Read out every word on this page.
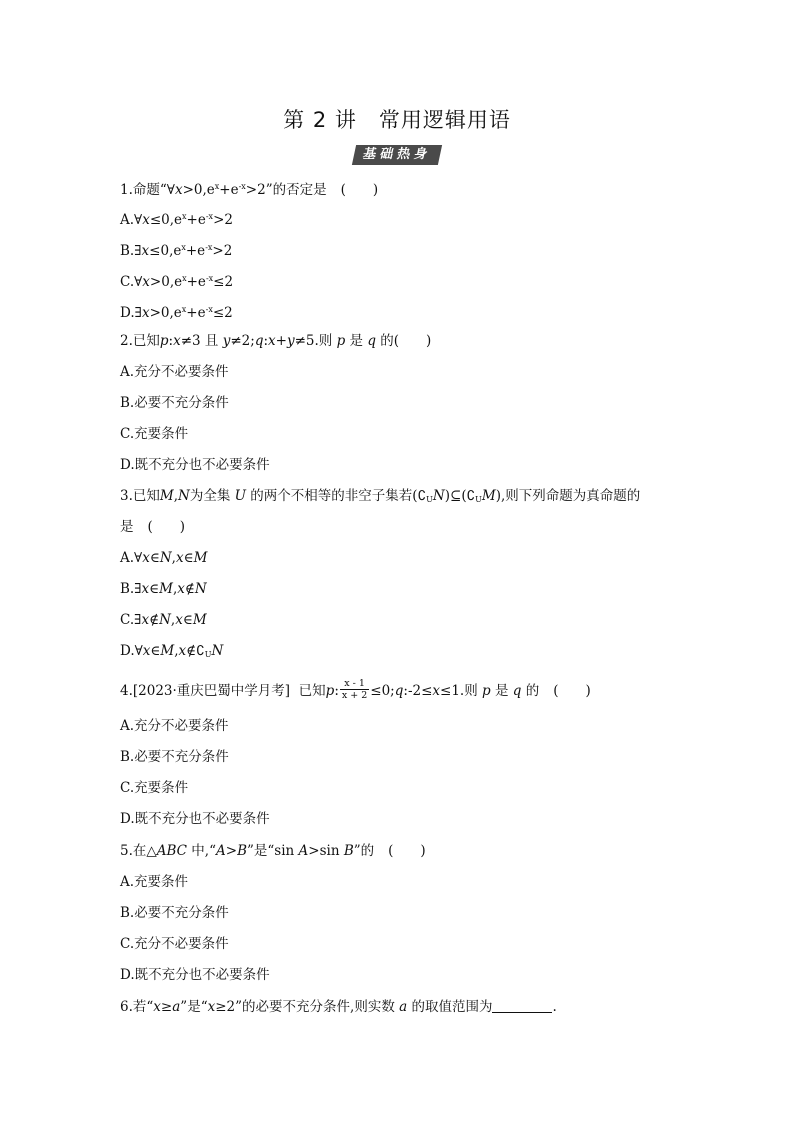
第 2 讲　常用逻辑用语
基础热身
1.命题“$\forall x>0,e^x+e^{-x}>2$”的否定是 (　　)
$A.\forall x\le 0,e^x+e^{-x}>2$
$B.\exists x\le 0,e^x+e^{-x}>2$
$C.\forall x>0,e^x+e^{-x}\le 2$
$D.\exists x>0,e^x+e^{-x}\le 2$
2.已知p:x≠3 且 y≠2;q:x+y≠5.则 p 是 q 的(　　)
A.充分不必要条件
B.必要不充分条件
C.充要条件
D.既不充分也不必要条件
3.已知M,N为全集 U 的两个不相等的非空子集若$(∁_UN)⊆(∁_UM)$,则下列命题为真命题的
是 (　　)
A.∀x∈N,x∈M
B.∃x∈M,x∉N
C.∃x∉N,x∈M
$D.\forall x\in M,x\notin∁_UN$
4.[2023·重庆巴蜀中学月考] 已知p: $\frac{x - 1}{x + 2}$ ≤0;q:-2≤x≤1.则 p 是 q 的 (　　)
A.充分不必要条件
B.必要不充分条件
C.充要条件
D.既不充分也不必要条件
5.在△ABC 中,“A>B”是“sin A>sin B”的 (　　)
A.充要条件
B.必要不充分条件
C.充分不必要条件
D.既不充分也不必要条件
6.若“x≥a”是“x≥2”的必要不充分条件,则实数 a 的取值范围为	.
